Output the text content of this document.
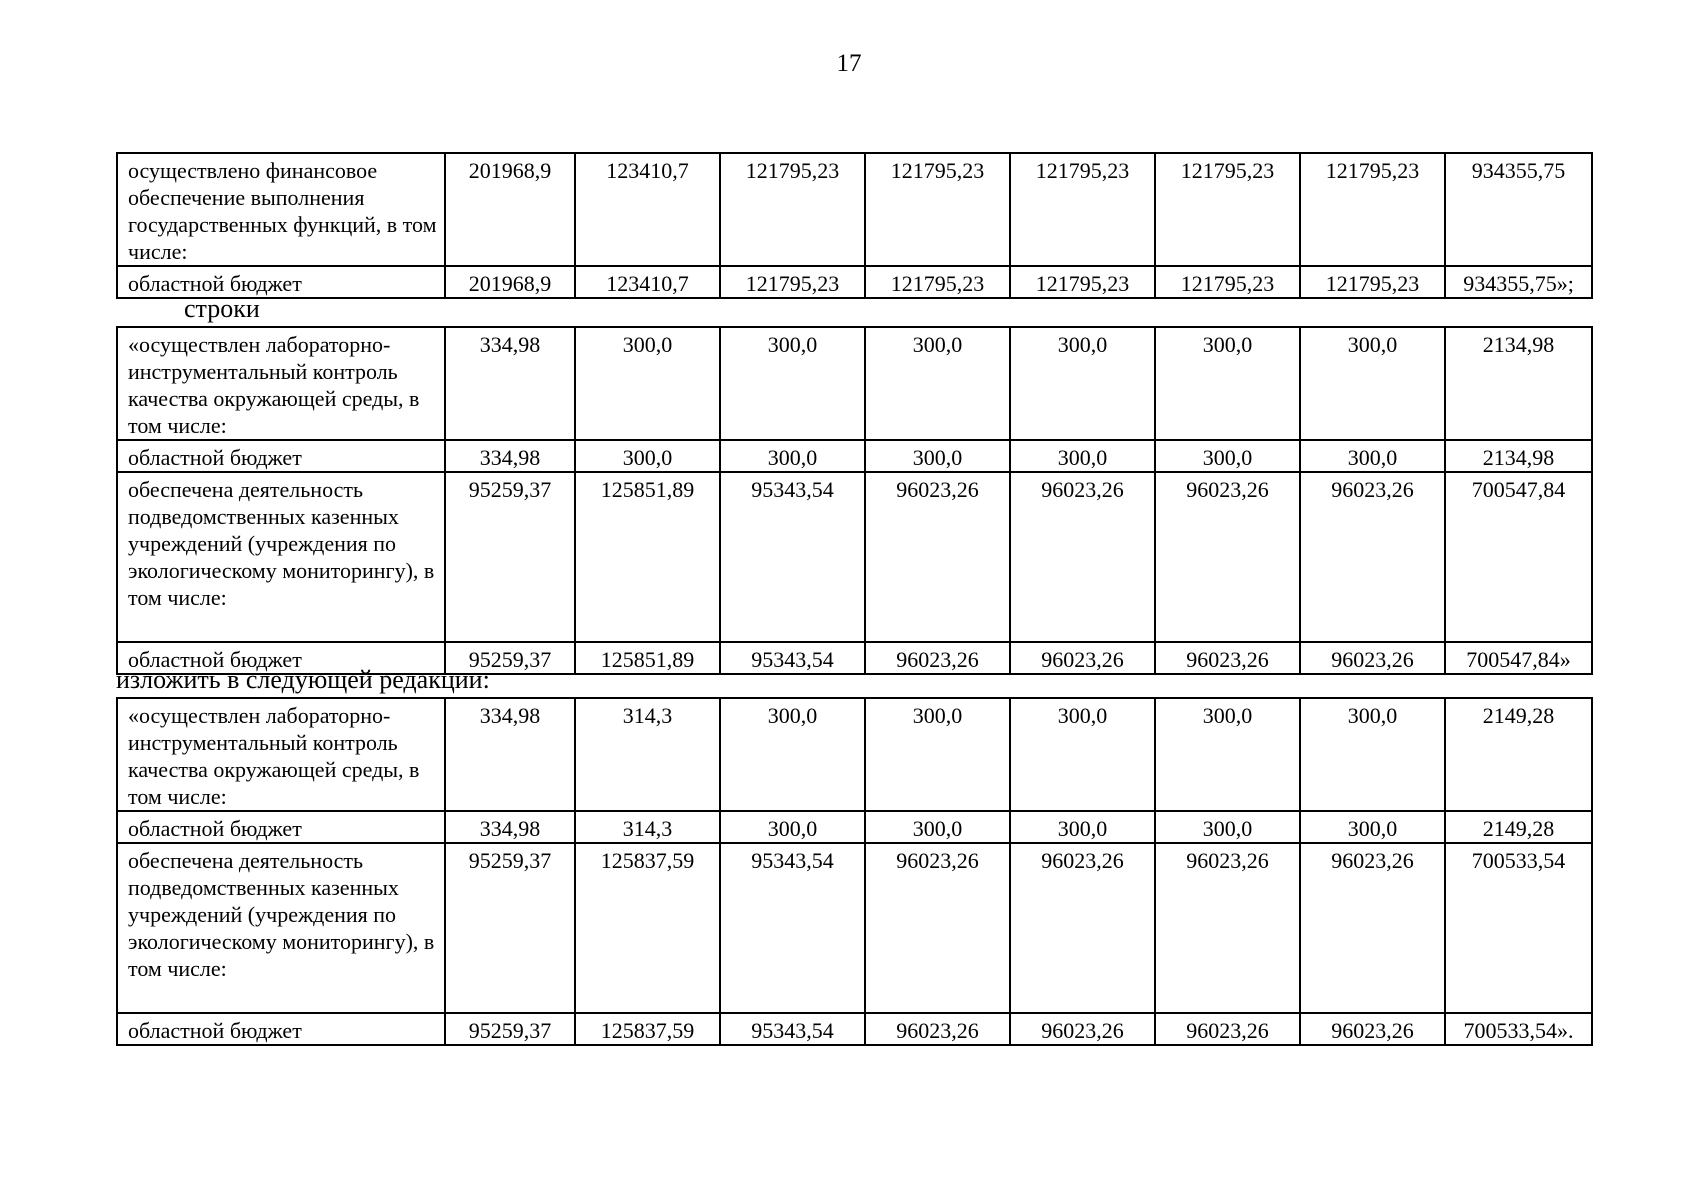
17
осуществлено финансовое обеспечение выполнения государственных функций, в том числе:	201968,9	123410,7	121795,23	121795,23	121795,23	121795,23	121795,23	934355,75
областной бюджет	201968,9	123410,7	121795,23	121795,23	121795,23	121795,23	121795,23	934355,75»;
строки
«осуществлен лабораторно-инструментальный контроль качества окружающей среды, в том числе:	334,98	300,0	300,0	300,0	300,0	300,0	300,0	2134,98
областной бюджет	334,98	300,0	300,0	300,0	300,0	300,0	300,0	2134,98
обеспечена деятельность подведомственных казенных учреждений (учреждения по экологическому мониторингу), в том числе:	95259,37	125851,89	95343,54	96023,26	96023,26	96023,26	96023,26	700547,84
областной бюджет	95259,37	125851,89	95343,54	96023,26	96023,26	96023,26	96023,26	700547,84»
изложить в следующей редакции:
«осуществлен лабораторно-инструментальный контроль качества окружающей среды, в том числе:	334,98	314,3	300,0	300,0	300,0	300,0	300,0	2149,28
областной бюджет	334,98	314,3	300,0	300,0	300,0	300,0	300,0	2149,28
обеспечена деятельность подведомственных казенных учреждений (учреждения по экологическому мониторингу), в том числе:	95259,37	125837,59	95343,54	96023,26	96023,26	96023,26	96023,26	700533,54
областной бюджет	95259,37	125837,59	95343,54	96023,26	96023,26	96023,26	96023,26	700533,54».
